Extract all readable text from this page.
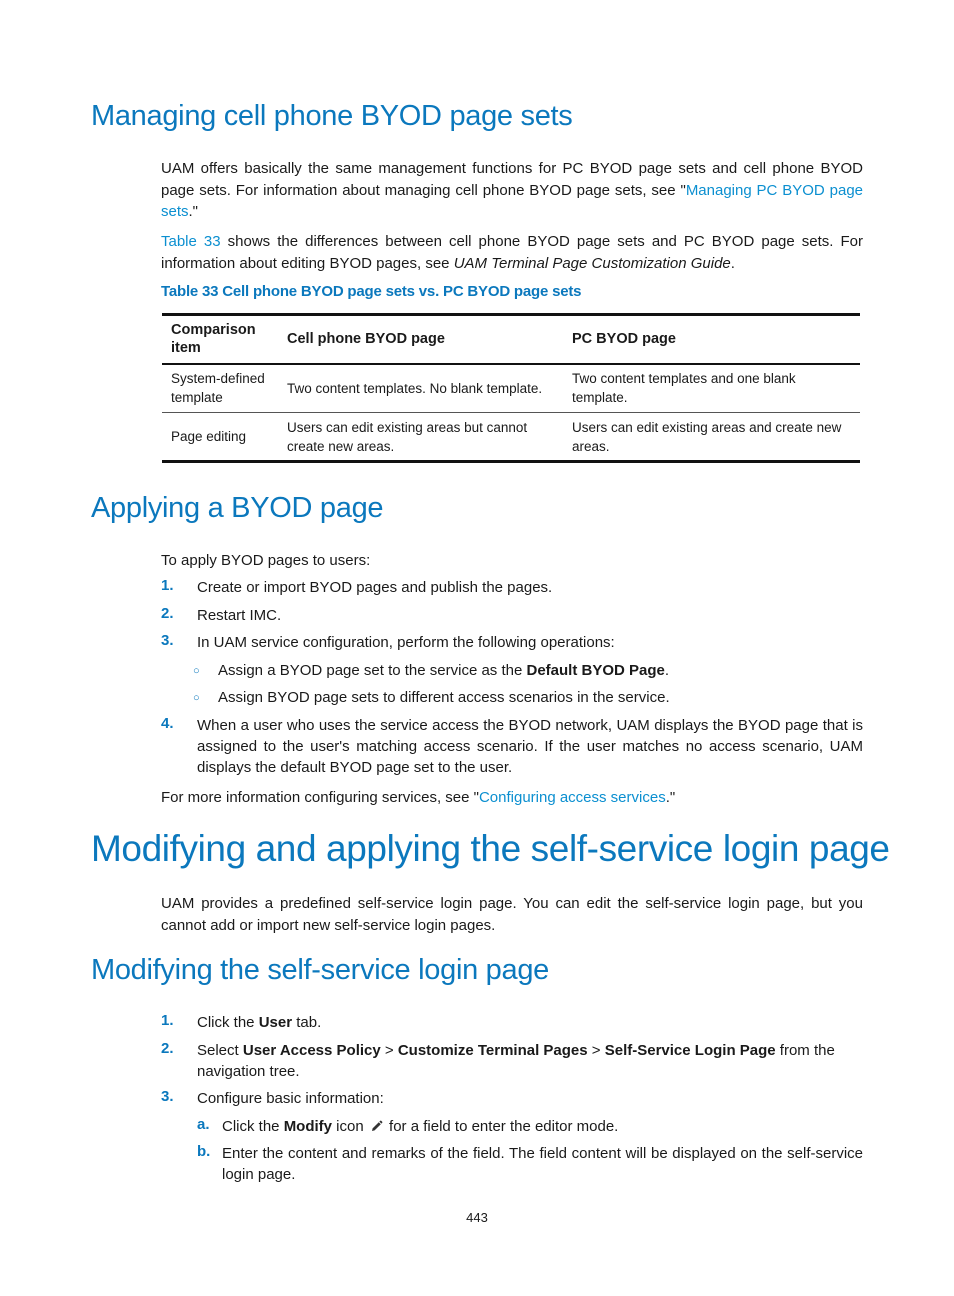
Managing cell phone BYOD page sets

UAM offers basically the same management functions for PC BYOD page sets and cell phone BYOD page sets. For information about managing cell phone BYOD page sets, see "Managing PC BYOD page sets."

Table 33 shows the differences between cell phone BYOD page sets and PC BYOD page sets. For information about editing BYOD pages, see UAM Terminal Page Customization Guide.

Table 33 Cell phone BYOD page sets vs. PC BYOD page sets
Comparison item	Cell phone BYOD page	PC BYOD page
System-defined template	Two content templates. No blank template.	Two content templates and one blank template.
Page editing	Users can edit existing areas but cannot create new areas.	Users can edit existing areas and create new areas.
Applying a BYOD page

To apply BYOD pages to users:

1. Create or import BYOD pages and publish the pages.

2. Restart IMC.

3. In UAM service configuration, perform the following operations:

○ Assign a BYOD page set to the service as the Default BYOD Page.

○ Assign BYOD page sets to different access scenarios in the service.

4. When a user who uses the service access the BYOD network, UAM displays the BYOD page that is assigned to the user's matching access scenario. If the user matches no access scenario, UAM displays the default BYOD page set to the user.

For more information configuring services, see "Configuring access services."

Modifying and applying the self-service login page

UAM provides a predefined self-service login page. You can edit the self-service login page, but you cannot add or import new self-service login pages.

Modifying the self-service login page
1. Click the User tab.

2. Select User Access Policy > Customize Terminal Pages > Self-Service Login Page from the navigation tree.

3. Configure basic information:

a. Click the Modify icon  for a field to enter the editor mode.

b. Enter the content and remarks of the field. The field content will be displayed on the self-service login page.

443
